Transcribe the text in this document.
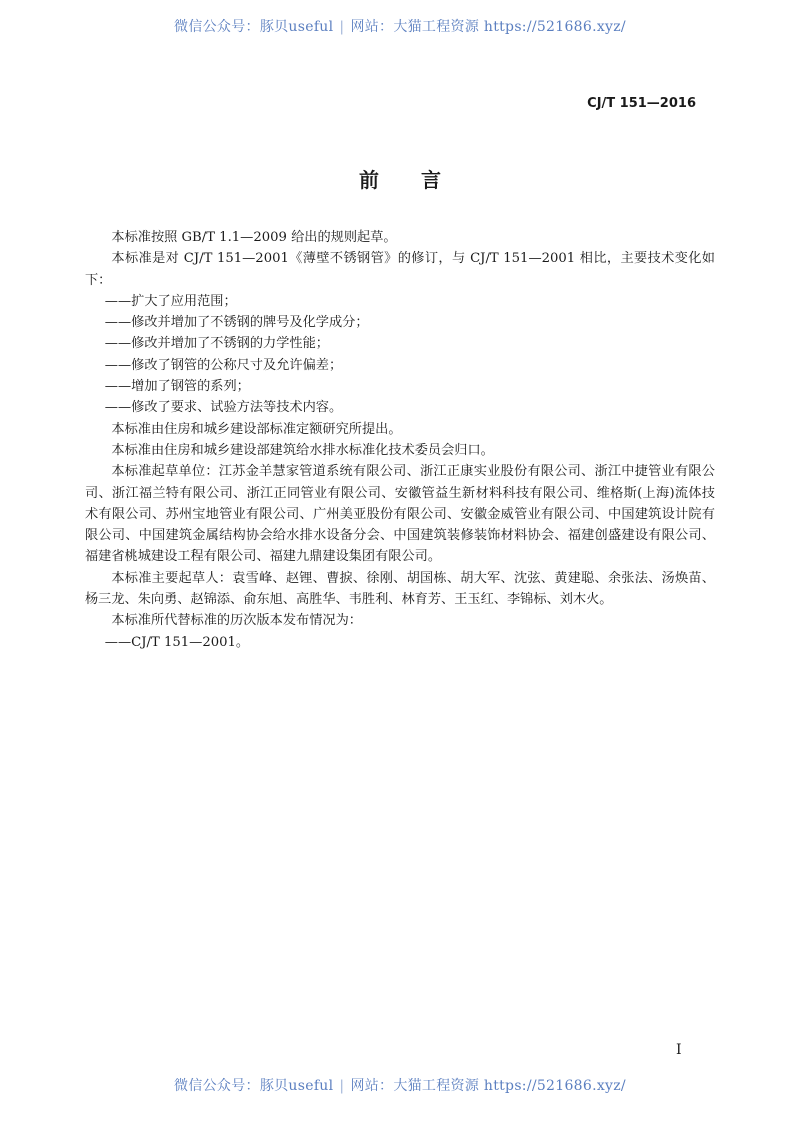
微信公众号：豚贝useful | 网站：大猫工程资源 https://521686.xyz/
CJ/T 151—2016
前 言

本标准按照 GB/T 1.1—2009 给出的规则起草。

本标准是对 CJ/T 151—2001《薄壁不锈钢管》的修订，与 CJ/T 151—2001 相比，主要技术变化如下：

——扩大了应用范围；

——修改并增加了不锈钢的牌号及化学成分；

——修改并增加了不锈钢的力学性能；

——修改了钢管的公称尺寸及允许偏差；

——增加了钢管的系列；

——修改了要求、试验方法等技术内容。

本标准由住房和城乡建设部标准定额研究所提出。

本标准由住房和城乡建设部建筑给水排水标准化技术委员会归口。

本标准起草单位：江苏金羊慧家管道系统有限公司、浙江正康实业股份有限公司、浙江中捷管业有限公司、浙江福兰特有限公司、浙江正同管业有限公司、安徽管益生新材料科技有限公司、维格斯(上海)流体技术有限公司、苏州宝地管业有限公司、广州美亚股份有限公司、安徽金威管业有限公司、中国建筑设计院有限公司、中国建筑金属结构协会给水排水设备分会、中国建筑装修装饰材料协会、福建创盛建设有限公司、福建省桃城建设工程有限公司、福建九鼎建设集团有限公司。

本标准主要起草人：袁雪峰、赵锂、曹捩、徐刚、胡国栋、胡大军、沈弦、黄建聪、余张法、汤焕苗、杨三龙、朱向勇、赵锦添、俞东旭、高胜华、韦胜利、林育芳、王玉红、李锦标、刘木火。

本标准所代替标准的历次版本发布情况为：

——CJ/T 151—2001。

I
微信公众号：豚贝useful | 网站：大猫工程资源 https://521686.xyz/
